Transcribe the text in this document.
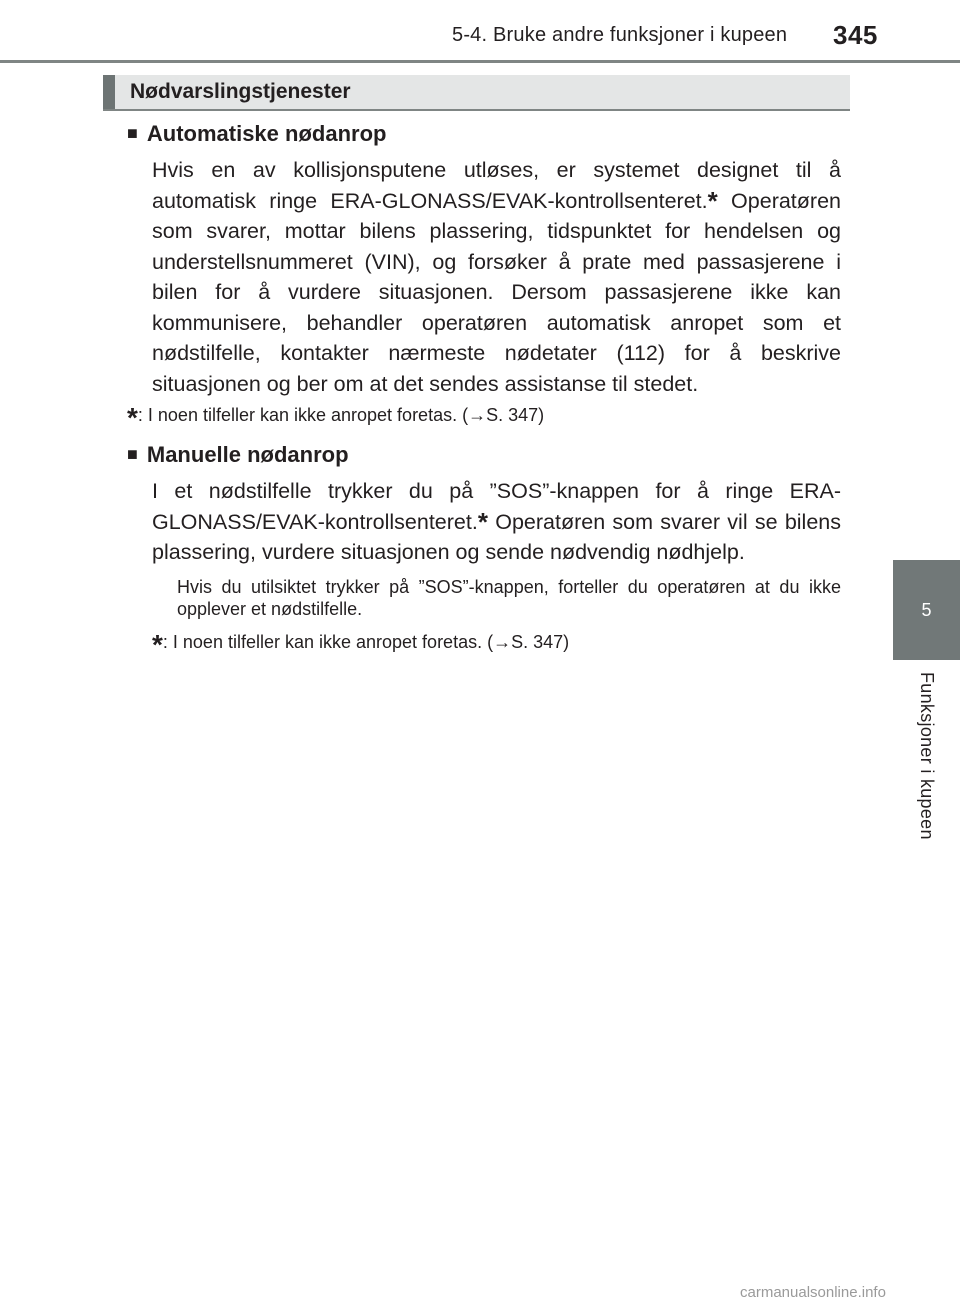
5-4. Bruke andre funksjoner i kupeen 345
5
Funksjoner i kupeen
Nødvarslingstjenester
■ Automatiske nødanrop
Hvis en av kollisjonsputene utløses, er systemet designet til å automatisk ringe ERA-GLONASS/EVAK-kontrollsenteret.* Operatøren som svarer, mottar bilens plassering, tidspunktet for hendelsen og understellsnummeret (VIN), og forsøker å prate med passasjerene i bilen for å vurdere situasjonen. Dersom passasjerene ikke kan kommunisere, behandler operatøren automatisk anropet som et nødstilfelle, kontakter nærmeste nødetater (112) for å beskrive situasjonen og ber om at det sendes assistanse til stedet.
*: I noen tilfeller kan ikke anropet foretas. (→S. 347)
■ Manuelle nødanrop
I et nødstilfelle trykker du på ”SOS”-knappen for å ringe ERA-GLONASS/EVAK-kontrollsenteret.* Operatøren som svarer vil se bilens plassering, vurdere situasjonen og sende nødvendig nødhjelp.
Hvis du utilsiktet trykker på ”SOS”-knappen, forteller du operatøren at du ikke opplever et nødstilfelle.
*: I noen tilfeller kan ikke anropet foretas. (→S. 347)
carmanualsonline.info
